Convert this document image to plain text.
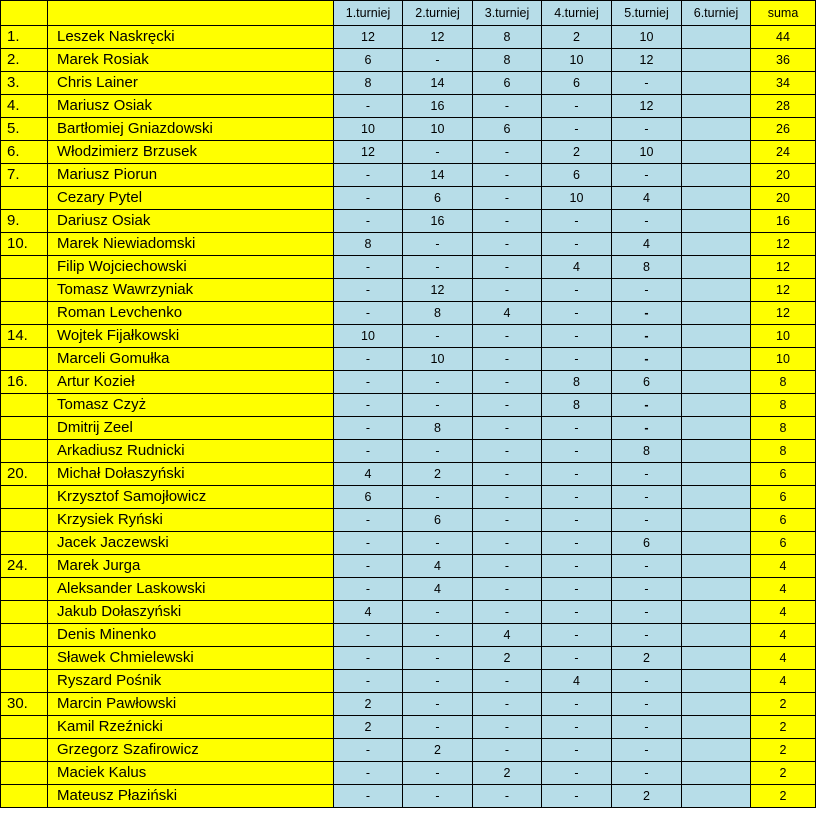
		1.turniej	2.turniej	3.turniej	4.turniej	5.turniej	6.turniej	suma
1.	Leszek Naskręcki	12	12	8	2	10		44
2.	Marek Rosiak	6	-	8	10	12		36
3.	Chris Lainer	8	14	6	6	-		34
4.	Mariusz Osiak	-	16	-	-	12		28
5.	Bartłomiej Gniazdowski	10	10	6	-	-		26
6.	Włodzimierz Brzusek	12	-	-	2	10		24
7.	Mariusz Piorun	-	14	-	6	-		20
	Cezary Pytel	-	6	-	10	4		20
9.	Dariusz Osiak	-	16	-	-	-		16
10.	Marek Niewiadomski	8	-	-	-	4		12
	Filip Wojciechowski	-	-	-	4	8		12
	Tomasz Wawrzyniak	-	12	-	-	-		12
	Roman Levchenko	-	8	4	-	-		12
14.	Wojtek Fijałkowski	10	-	-	-	-		10
	Marceli Gomułka	-	10	-	-	-		10
16.	Artur Kozieł	-	-	-	8	6		8
	Tomasz Czyż	-	-	-	8	-		8
	Dmitrij Zeel	-	8	-	-	-		8
	Arkadiusz Rudnicki	-	-	-	-	8		8
20.	Michał Dołaszyński	4	2	-	-	-		6
	Krzysztof Samojłowicz	6	-	-	-	-		6
	Krzysiek Ryński	-	6	-	-	-		6
	Jacek Jaczewski	-	-	-	-	6		6
24.	Marek Jurga	-	4	-	-	-		4
	Aleksander Laskowski	-	4	-	-	-		4
	Jakub Dołaszyński	4	-	-	-	-		4
	Denis Minenko	-	-	4	-	-		4
	Sławek Chmielewski	-	-	2	-	2		4
	Ryszard Pośnik	-	-	-	4	-		4
30.	Marcin Pawłowski	2	-	-	-	-		2
	Kamil Rzeźnicki	2	-	-	-	-		2
	Grzegorz Szafirowicz	-	2	-	-	-		2
	Maciek Kalus	-	-	2	-	-		2
	Mateusz Płaziński	-	-	-	-	2		2
